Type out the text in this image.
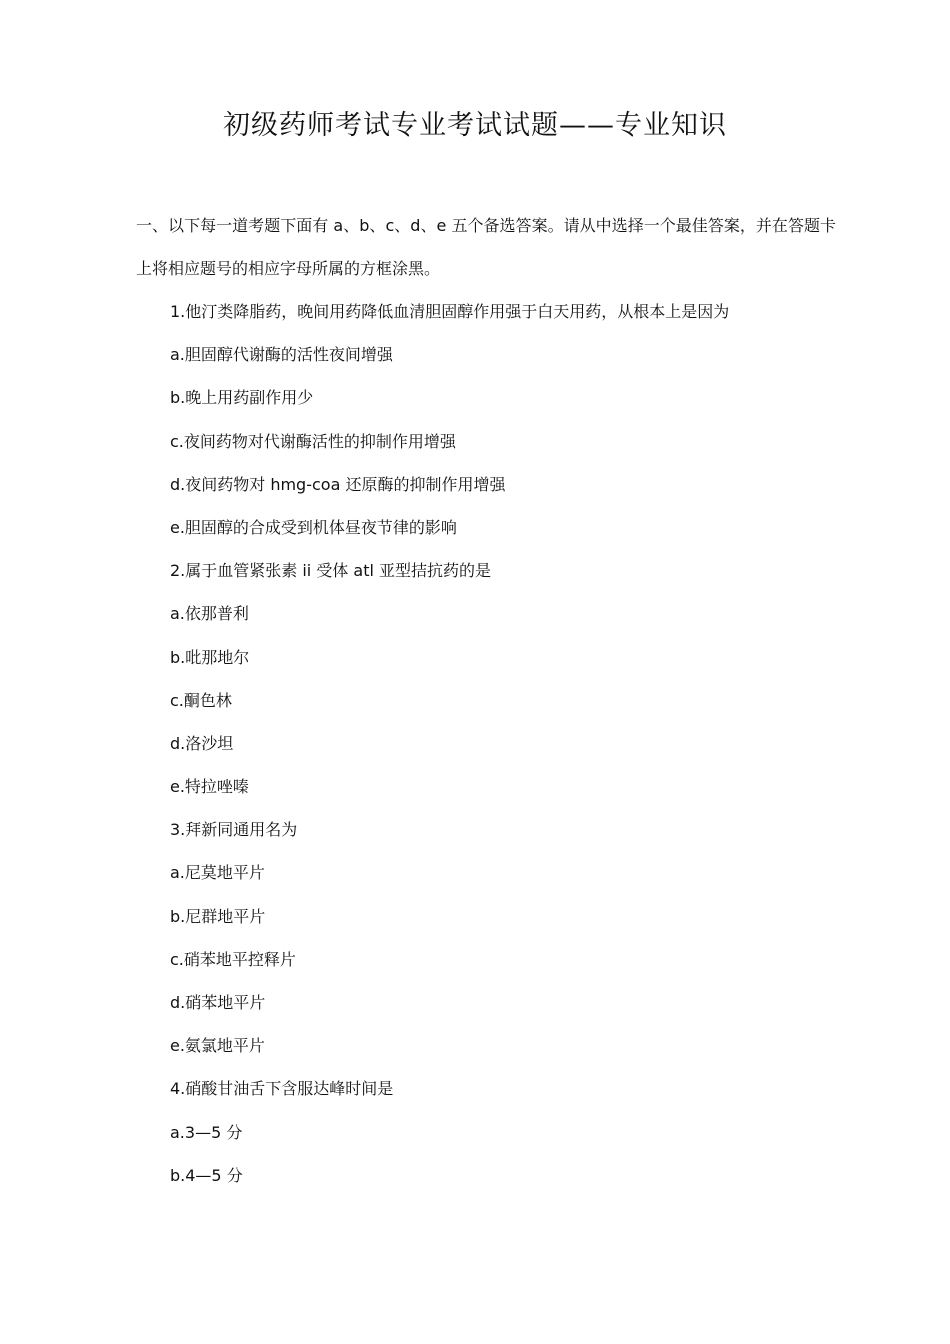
初级药师考试专业考试试题——专业知识

一、以下每一道考题下面有 a、b、c、d、e 五个备选答案。请从中选择一个最佳答案，并在答题卡上将相应题号的相应字母所属的方框涂黑。

1.他汀类降脂药，晚间用药降低血清胆固醇作用强于白天用药，从根本上是因为
a.胆固醇代谢酶的活性夜间增强
b.晚上用药副作用少
c.夜间药物对代谢酶活性的抑制作用增强
d.夜间药物对 hmg-coa 还原酶的抑制作用增强
e.胆固醇的合成受到机体昼夜节律的影响
2.属于血管紧张素 ii 受体 atl 亚型拮抗药的是
a.依那普利
b.吡那地尔
c.酮色林
d.洛沙坦
e.特拉唑嗪
3.拜新同通用名为
a.尼莫地平片
b.尼群地平片
c.硝苯地平控释片
d.硝苯地平片
e.氨氯地平片
4.硝酸甘油舌下含服达峰时间是
a.3—5 分
b.4—5 分
